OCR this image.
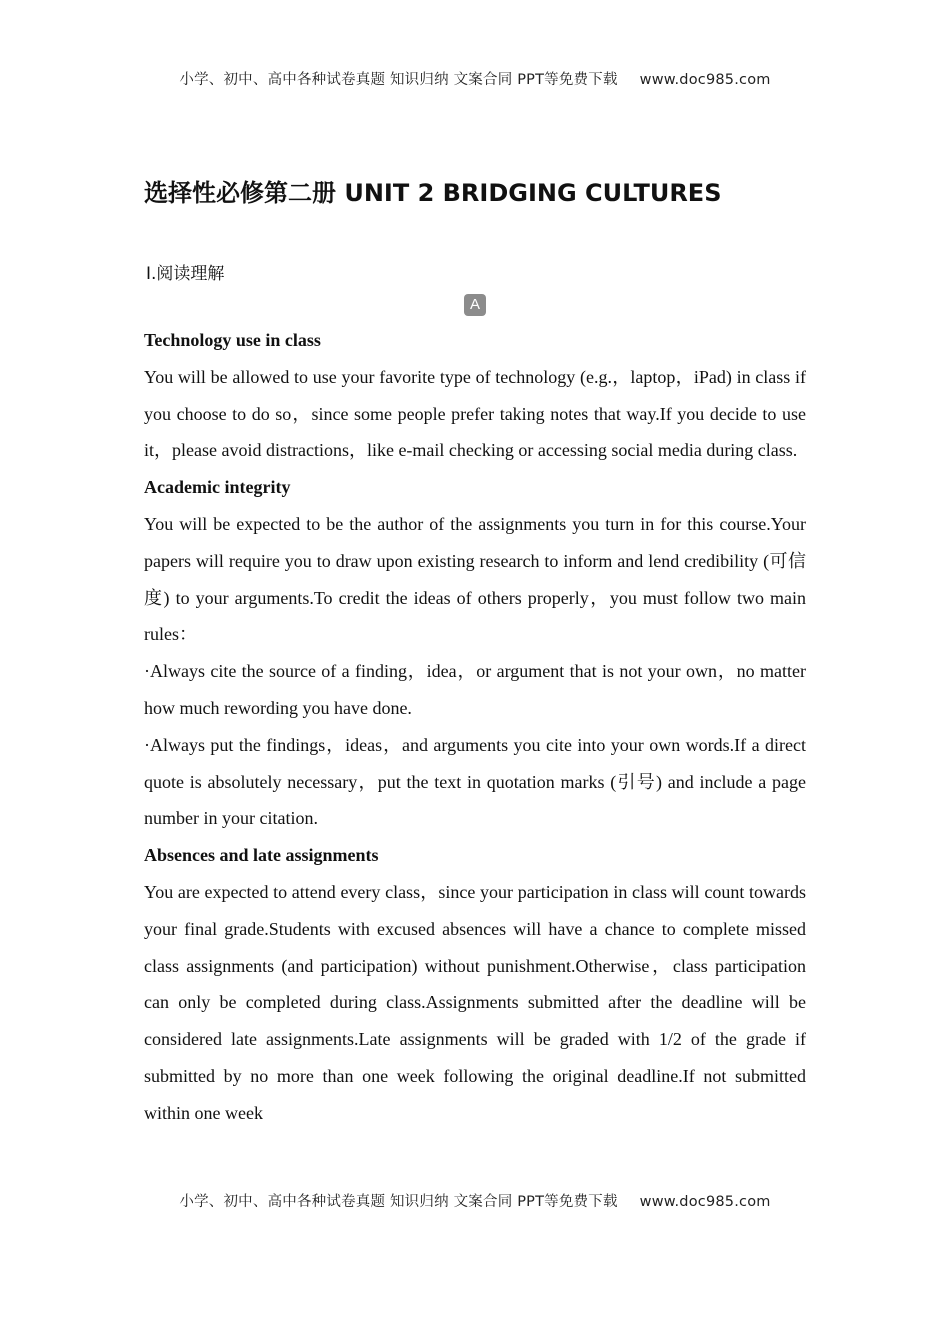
小学、初中、高中各种试卷真题 知识归纳 文案合同 PPT等免费下载 www.doc985.com
选择性必修第二册 UNIT 2 BRIDGING CULTURES
Ⅰ.阅读理解
A
Technology use in class

You will be allowed to use your favorite type of technology (e.g.，laptop，iPad) in class if you choose to do so，since some people prefer taking notes that way.If you decide to use it，please avoid distractions，like e-mail checking or accessing social media during class.

Academic integrity

You will be expected to be the author of the assignments you turn in for this course.Your papers will require you to draw upon existing research to inform and lend credibility (可信度) to your arguments.To credit the ideas of others properly，you must follow two main rules：

·Always cite the source of a finding，idea，or argument that is not your own，no matter how much rewording you have done.

·Always put the findings，ideas，and arguments you cite into your own words.If a direct quote is absolutely necessary，put the text in quotation marks (引号) and include a page number in your citation.

Absences and late assignments

You are expected to attend every class，since your participation in class will count towards your final grade.Students with excused absences will have a chance to complete missed class assignments (and participation) without punishment.Otherwise，class participation can only be completed during class.Assignments submitted after the deadline will be considered late assignments.Late assignments will be graded with 1/2 of the grade if submitted by no more than one week following the original deadline.If not submitted within one week

小学、初中、高中各种试卷真题 知识归纳 文案合同 PPT等免费下载 www.doc985.com
